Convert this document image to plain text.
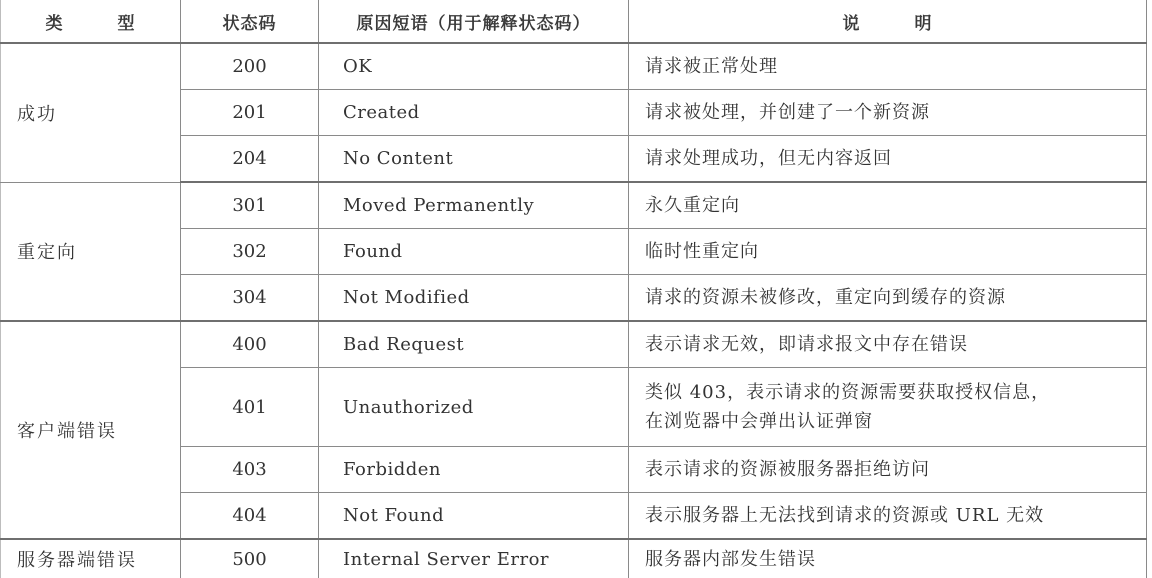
类 型	状态码	原因短语（用于解释状态码）	说 明
成功	200	OK	请求被正常处理
	201	Created	请求被处理，并创建了一个新资源
	204	No Content	请求处理成功，但无内容返回
重定向	301	Moved Permanently	永久重定向
	302	Found	临时性重定向
	304	Not Modified	请求的资源未被修改，重定向到缓存的资源
客户端错误	400	Bad Request	表示请求无效，即请求报文中存在错误
	401	Unauthorized	类似 403，表示请求的资源需要获取授权信息，
在浏览器中会弹出认证弹窗

	403	Forbidden	表示请求的资源被服务器拒绝访问
	404	Not Found	表示服务器上无法找到请求的资源或 URL 无效
服务器端错误	500	Internal Server Error	服务器内部发生错误
